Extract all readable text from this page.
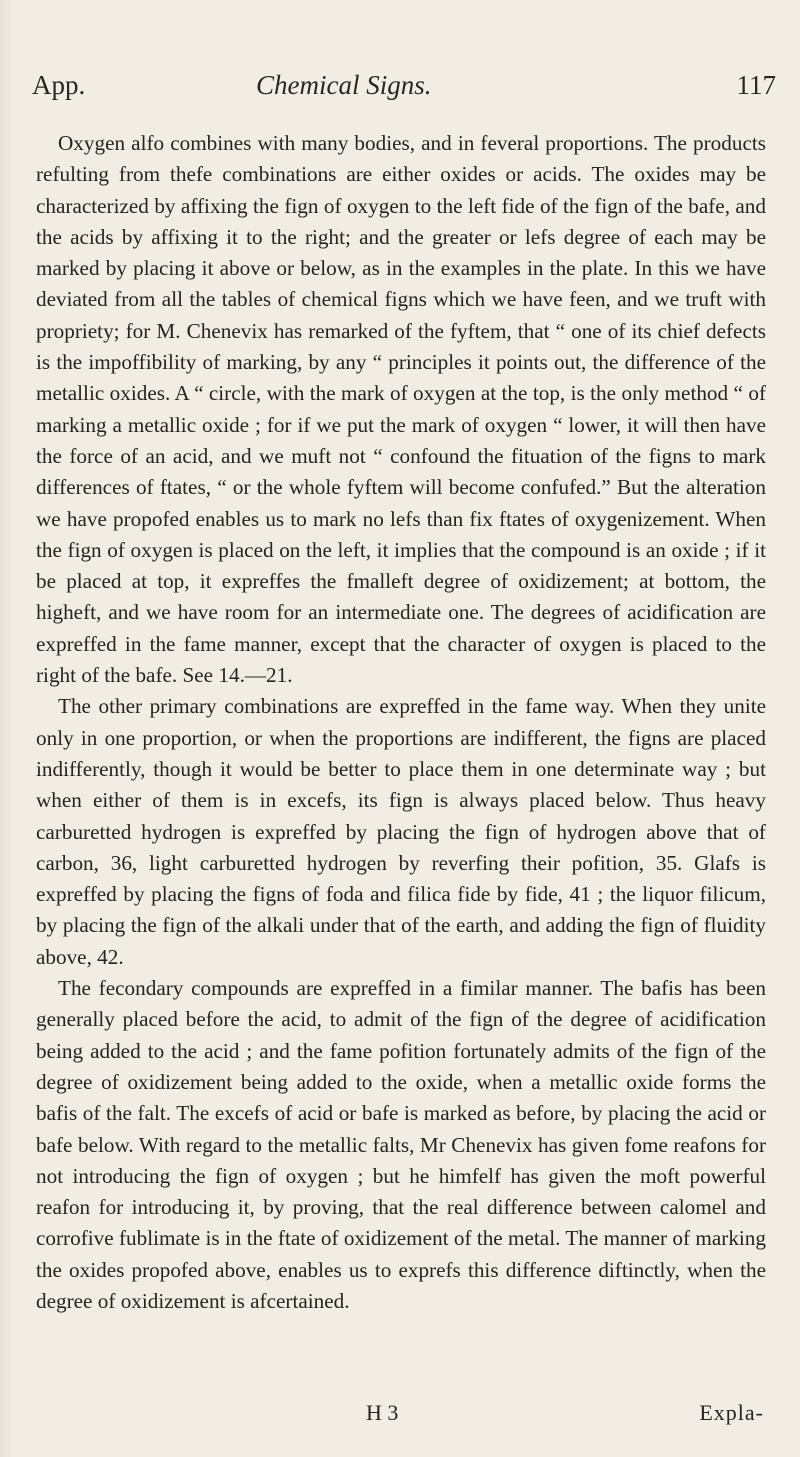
App.	Chemical Signs.	117

Oxygen alfo combines with many bodies, and in feveral proportions. The products refulting from thefe combinations are either oxides or acids. The oxides may be characterized by affixing the fign of oxygen to the left fide of the fign of the bafe, and the acids by affixing it to the right; and the greater or lefs degree of each may be marked by placing it above or below, as in the examples in the plate. In this we have deviated from all the tables of chemical figns which we have feen, and we truft with propriety; for M. Chenevix has remarked of the fyftem, that “ one of its chief defects is the impoffibility of marking, by any “ principles it points out, the difference of the metallic oxides. A “ circle, with the mark of oxygen at the top, is the only method “ of marking a metallic oxide ; for if we put the mark of oxygen “ lower, it will then have the force of an acid, and we muft not “ confound the fituation of the figns to mark differences of ftates, “ or the whole fyftem will become confufed.” But the alteration we have propofed enables us to mark no lefs than fix ftates of oxygenizement. When the fign of oxygen is placed on the left, it implies that the compound is an oxide ; if it be placed at top, it expreffes the fmalleft degree of oxidizement; at bottom, the higheft, and we have room for an intermediate one. The degrees of acidification are expreffed in the fame manner, except that the character of oxygen is placed to the right of the bafe. See 14.—21.

The other primary combinations are expreffed in the fame way. When they unite only in one proportion, or when the proportions are indifferent, the figns are placed indifferently, though it would be better to place them in one determinate way ; but when either of them is in excefs, its fign is always placed below. Thus heavy carburetted hydrogen is expreffed by placing the fign of hydrogen above that of carbon, 36, light carburetted hydrogen by reverfing their pofition, 35. Glafs is expreffed by placing the figns of foda and filica fide by fide, 41 ; the liquor filicum, by placing the fign of the alkali under that of the earth, and adding the fign of fluidity above, 42.

The fecondary compounds are expreffed in a fimilar manner. The bafis has been generally placed before the acid, to admit of the fign of the degree of acidification being added to the acid ; and the fame pofition fortunately admits of the fign of the degree of oxidizement being added to the oxide, when a metallic oxide forms the bafis of the falt. The excefs of acid or bafe is marked as before, by placing the acid or bafe below. With regard to the metallic falts, Mr Chenevix has given fome reafons for not introducing the fign of oxygen ; but he himfelf has given the moft powerful reafon for introducing it, by proving, that the real difference between calomel and corrofive fublimate is in the ftate of oxidizement of the metal. The manner of marking the oxides propofed above, enables us to exprefs this difference diftinctly, when the degree of oxidizement is afcertained.

H 3	Expla-
